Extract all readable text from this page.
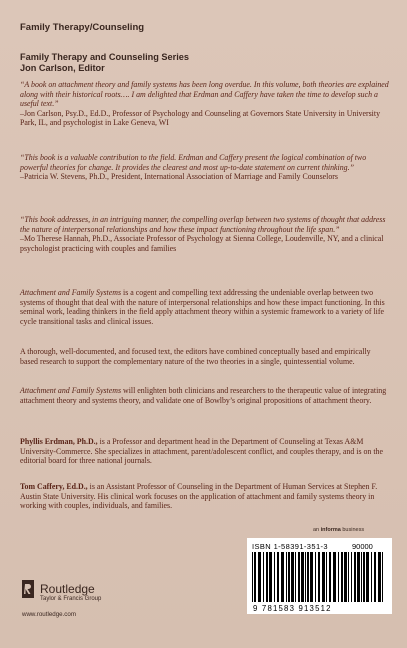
Family Therapy/Counseling
Family Therapy and Counseling Series
Jon Carlson, Editor

“A book on attachment theory and family systems has been long overdue. In this volume, both theories are explained along with their historical roots…. I am delighted that Erdman and Caffery have taken the time to develop such a useful text.”

–Jon Carlson, Psy.D., Ed.D., Professor of Psychology and Counseling at Governors State University in University Park, IL, and psychologist in Lake Geneva, WI

“This book is a valuable contribution to the field. Erdman and Caffery present the logical combination of two powerful theories for change. It provides the clearest and most up-to-date statement on current thinking.”

–Patricia W. Stevens, Ph.D., President, International Association of Marriage and Family Counselors

“This book addresses, in an intriguing manner, the compelling overlap between two systems of thought that address the nature of interpersonal relationships and how these impact functioning throughout the life span.”

–Mo Therese Hannah, Ph.D., Associate Professor of Psychology at Sienna College, Loudenville, NY, and a clinical psychologist practicing with couples and families

Attachment and Family Systems is a cogent and compelling text addressing the undeniable overlap between two systems of thought that deal with the nature of interpersonal relationships and how these impact functioning. In this seminal work, leading thinkers in the field apply attachment theory within a systemic framework to a variety of life cycle transitional tasks and clinical issues.

A thorough, well-documented, and focused text, the editors have combined conceptually based and empirically based research to support the complementary nature of the two theories in a single, quintessential volume.

Attachment and Family Systems will enlighten both clinicians and researchers to the therapeutic value of integrating attachment theory and systems theory, and validate one of Bowlby’s original propositions of attachment theory.

Phyllis Erdman, Ph.D., is a Professor and department head in the Department of Counseling at Texas A&M University-Commerce. She specializes in attachment, parent/adolescent conflict, and couples therapy, and is on the editorial board for three national journals.

Tom Caffery, Ed.D., is an Assistant Professor of Counseling in the Department of Human Services at Stephen F. Austin State University. His clinical work focuses on the application of attachment and family systems theory in working with couples, individuals, and families.

an informa business
Routledge
Taylor & Francis Group
www.routledge.com
ISBN 1-58391-351-3	90000
9 781583 913512
